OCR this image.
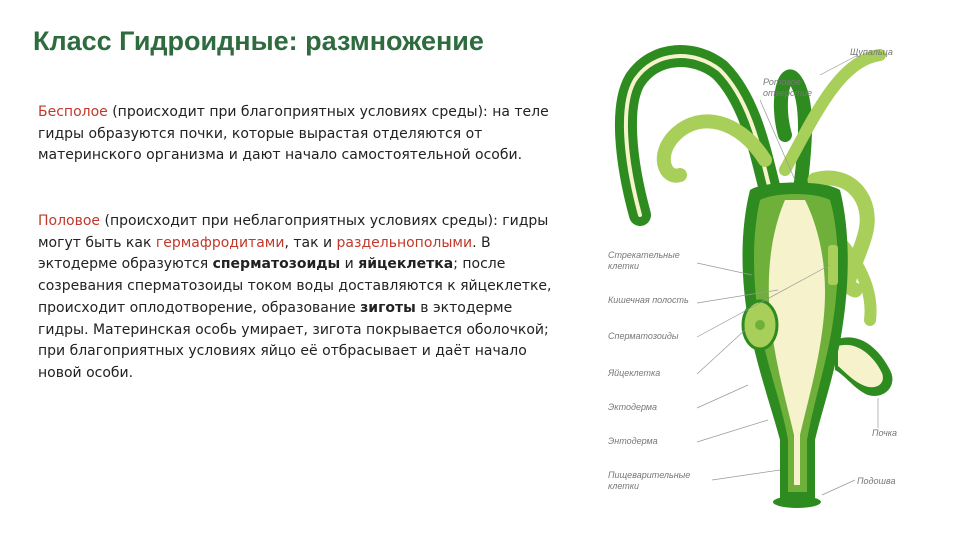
Класс Гидроидные: размножение
Бесполое (происходит при благоприятных условиях среды): на теле гидры образуются почки, которые вырастая отделяются от материнского организма и дают начало самостоятельной особи.
Половое (происходит при неблагоприятных условиях среды): гидры могут быть как гермафродитами, так и раздельнополыми. В эктодерме образуются сперматозоиды и яйцеклетка; после созревания сперматозоиды током воды доставляются к яйцеклетке, происходит оплодотворение, образование зиготы в эктодерме гидры. Материнская особь умирает, зигота покрывается оболочкой; при благоприятных условиях яйцо её отбрасывает и даёт начало новой особи.
Щупальца
Ротовое
отверстие
Стрекательные
клетки
Кишечная полость
Сперматозоиды
Яйцеклетка
Эктодерма
Энтодерма
Пищеварительные
клетки
Почка
Подошва
